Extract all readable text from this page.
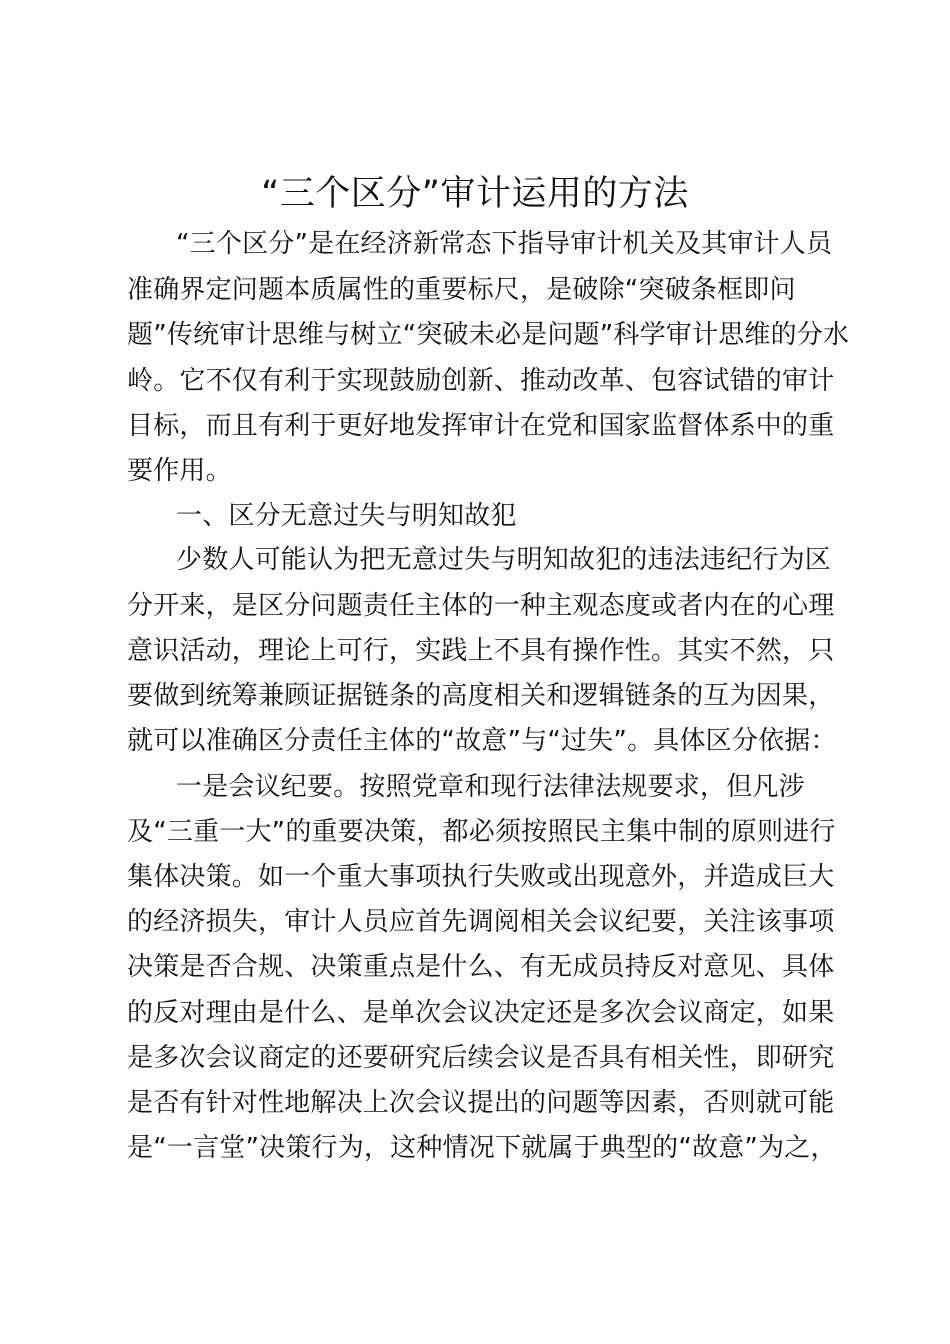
“三个区分”审计运用的方法
“三个区分”是在经济新常态下指导审计机关及其审计人员
准确界定问题本质属性的重要标尺，是破除“突破条框即问
题”传统审计思维与树立“突破未必是问题”科学审计思维的分水
岭。它不仅有利于实现鼓励创新、推动改革、包容试错的审计
目标，而且有利于更好地发挥审计在党和国家监督体系中的重
要作用。
一、区分无意过失与明知故犯
少数人可能认为把无意过失与明知故犯的违法违纪行为区
分开来，是区分问题责任主体的一种主观态度或者内在的心理
意识活动，理论上可行，实践上不具有操作性。其实不然，只
要做到统筹兼顾证据链条的高度相关和逻辑链条的互为因果，
就可以准确区分责任主体的“故意”与“过失”。具体区分依据：
一是会议纪要。按照党章和现行法律法规要求，但凡涉
及“三重一大”的重要决策，都必须按照民主集中制的原则进行
集体决策。如一个重大事项执行失败或出现意外，并造成巨大
的经济损失，审计人员应首先调阅相关会议纪要，关注该事项
决策是否合规、决策重点是什么、有无成员持反对意见、具体
的反对理由是什么、是单次会议决定还是多次会议商定，如果
是多次会议商定的还要研究后续会议是否具有相关性，即研究
是否有针对性地解决上次会议提出的问题等因素，否则就可能
是“一言堂”决策行为，这种情况下就属于典型的“故意”为之，
